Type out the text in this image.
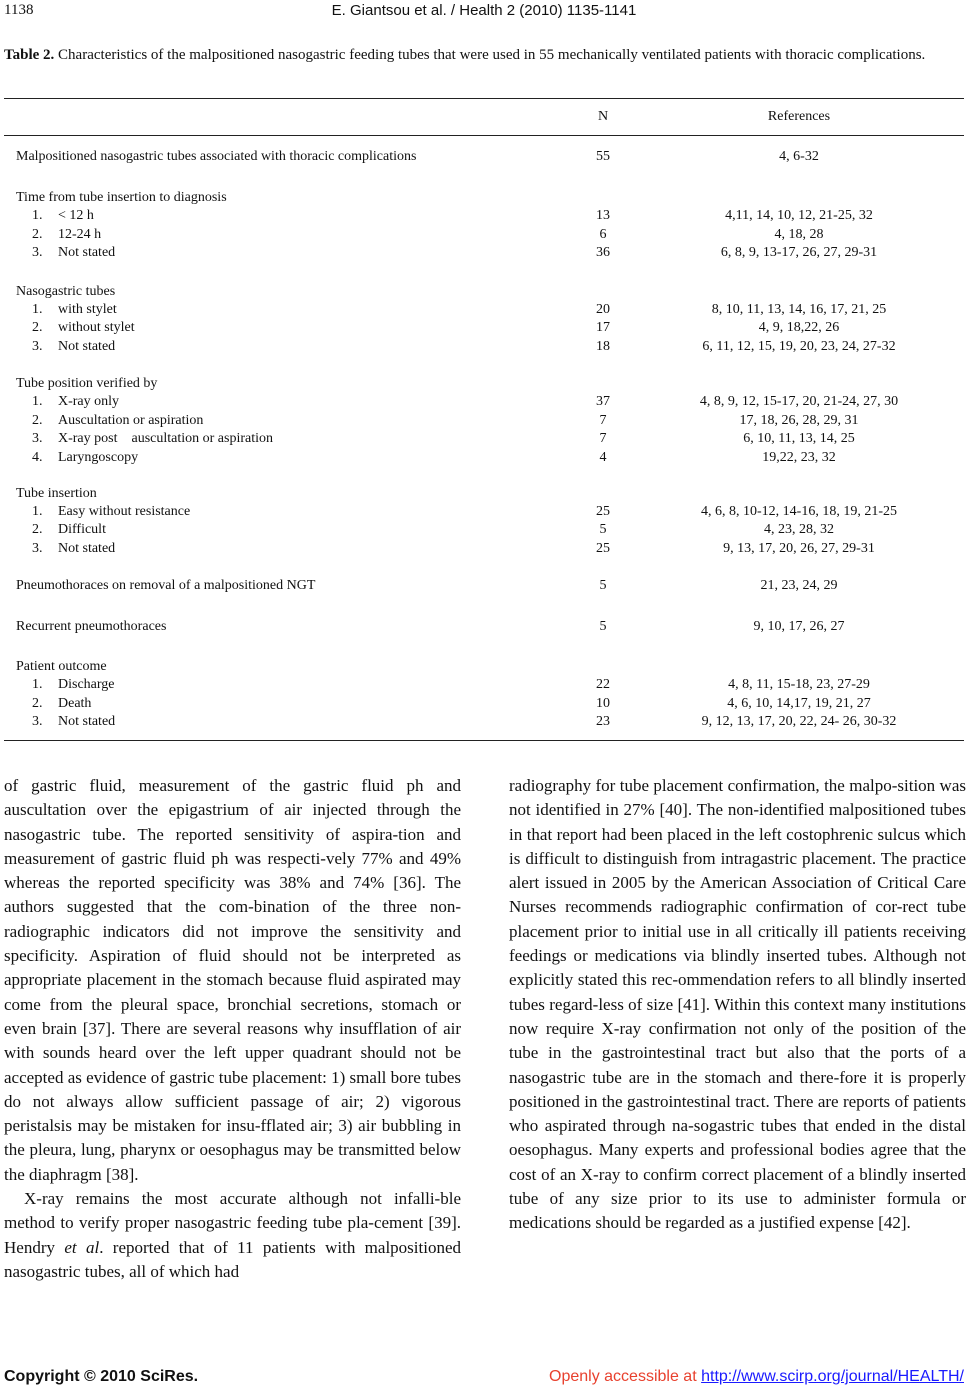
1138	E. Giantsou et al. / Health 2 (2010) 1135-1141
Table 2. Characteristics of the malpositioned nasogastric feeding tubes that were used in 55 mechanically ventilated patients with thoracic complications.
N	References
Malpositioned nasogastric tubes associated with thoracic complications	55	4, 6-32
Time from tube insertion to diagnosis
1. < 12 h	13	4,11, 14, 10, 12, 21-25, 32
2. 12-24 h	6	4, 18, 28
3. Not stated	36	6, 8, 9, 13-17, 26, 27, 29-31
Nasogastric tubes
1. with stylet	20	8, 10, 11, 13, 14, 16, 17, 21, 25
2. without stylet	17	4, 9, 18,22, 26
3. Not stated	18	6, 11, 12, 15, 19, 20, 23, 24, 27-32
Tube position verified by
1. X-ray only	37	4, 8, 9, 12, 15-17, 20, 21-24, 27, 30
2. Auscultation or aspiration	7	17, 18, 26, 28, 29, 31
3. X-ray post    auscultation or aspiration	7	6, 10, 11, 13, 14, 25
4. Laryngoscopy	4	19,22, 23, 32
Tube insertion
1. Easy without resistance	25	4, 6, 8, 10-12, 14-16, 18, 19, 21-25
2. Difficult	5	4, 23, 28, 32
3. Not stated	25	9, 13, 17, 20, 26, 27, 29-31
Pneumothoraces on removal of a malpositioned NGT	5	21, 23, 24, 29
Recurrent pneumothoraces	5	9, 10, 17, 26, 27
Patient outcome
1. Discharge	22	4, 8, 11, 15-18, 23, 27-29
2. Death	10	4, 6, 10, 14,17, 19, 21, 27
3. Not stated	23	9, 12, 13, 17, 20, 22, 24- 26, 30-32

of gastric fluid, measurement of the gastric fluid ph and auscultation over the epigastrium of air injected through the nasogastric tube. The reported sensitivity of aspira-tion and measurement of gastric fluid ph was respecti-vely 77% and 49% whereas the reported specificity was 38% and 74% [36]. The authors suggested that the com-bination of the three non-radiographic indicators did not improve the sensitivity and specificity. Aspiration of fluid should not be interpreted as appropriate placement in the stomach because fluid aspirated may come from the pleural space, bronchial secretions, stomach or even brain [37]. There are several reasons why insufflation of air with sounds heard over the left upper quadrant should not be accepted as evidence of gastric tube placement: 1) small bore tubes do not always allow sufficient passage of air; 2) vigorous peristalsis may be mistaken for insu-fflated air; 3) air bubbling in the pleura, lung, pharynx or oesophagus may be transmitted below the diaphragm [38].

X-ray remains the most accurate although not infalli-ble method to verify proper nasogastric feeding tube pla-cement [39]. Hendry et al. reported that of 11 patients with malpositioned nasogastric tubes, all of which had

radiography for tube placement confirmation, the malpo-sition was not identified in 27% [40]. The non-identified malpositioned tubes in that report had been placed in the left costophrenic sulcus which is difficult to distinguish from intragastric placement. The practice alert issued in 2005 by the American Association of Critical Care Nurses recommends radiographic confirmation of cor-rect tube placement prior to initial use in all critically ill patients receiving feedings or medications via blindly inserted tubes. Although not explicitly stated this rec-ommendation refers to all blindly inserted tubes regard-less of size [41]. Within this context many institutions now require X-ray confirmation not only of the position of the tube in the gastrointestinal tract but also that the ports of a nasogastric tube are in the stomach and there-fore it is properly positioned in the gastrointestinal tract. There are reports of patients who aspirated through na-sogastric tubes that ended in the distal oesophagus. Many experts and professional bodies agree that the cost of an X-ray to confirm correct placement of a blindly inserted tube of any size prior to its use to administer formula or medications should be regarded as a justified expense [42].

Copyright © 2010 SciRes.	Openly accessible at http://www.scirp.org/journal/HEALTH/
